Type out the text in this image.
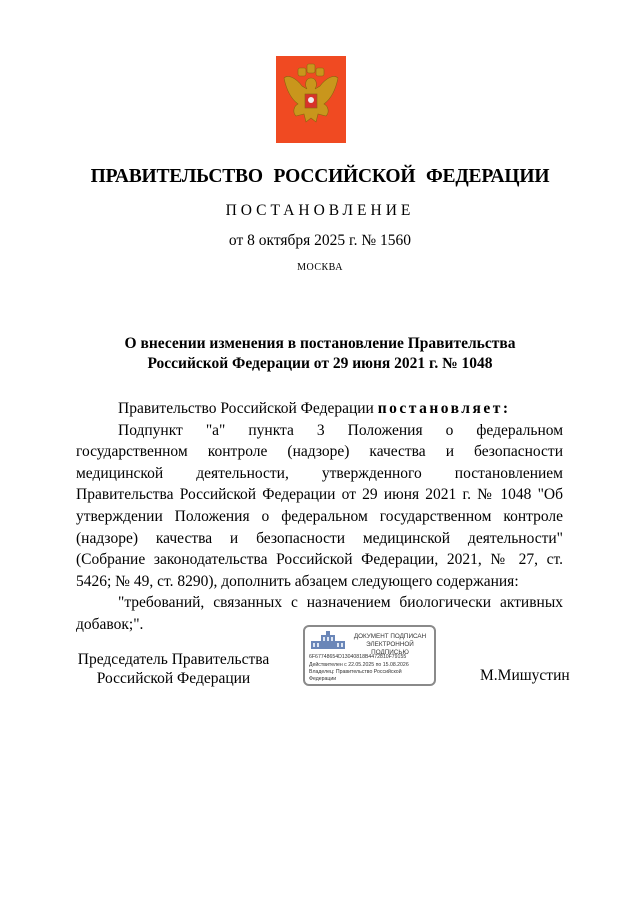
ПРАВИТЕЛЬСТВО РОССИЙСКОЙ ФЕДЕРАЦИИ
ПОСТАНОВЛЕНИЕ
от 8 октября 2025 г. № 1560
МОСКВА
О внесении изменения в постановление Правительства
Российской Федерации от 29 июня 2021 г. № 1048

Правительство Российской Федерации постановляет:

Подпункт "а" пункта 3 Положения о федеральном государственном контроле (надзоре) качества и безопасности медицинской деятельности, утвержденного постановлением Правительства Российской Федерации от 29 июня 2021 г. № 1048 "Об утверждении Положения о федеральном государственном контроле (надзоре) качества и безопасности медицинской деятельности" (Собрание законодательства Российской Федерации, 2021, № 27, ст. 5426; № 49, ст. 8290), дополнить абзацем следующего содержания:

"требований, связанных с назначением биологически активных добавок;".

Председатель Правительства
Российской Федерации
ДОКУМЕНТ ПОДПИСАН
ЭЛЕКТРОННОЙ ПОДПИСЬЮ
6F67748654D13040818B4472810F79155
Действителен с 22.05.2025 по 15.08.2026
Владелец: Правительство Российской
Федерации	М.Мишустин
